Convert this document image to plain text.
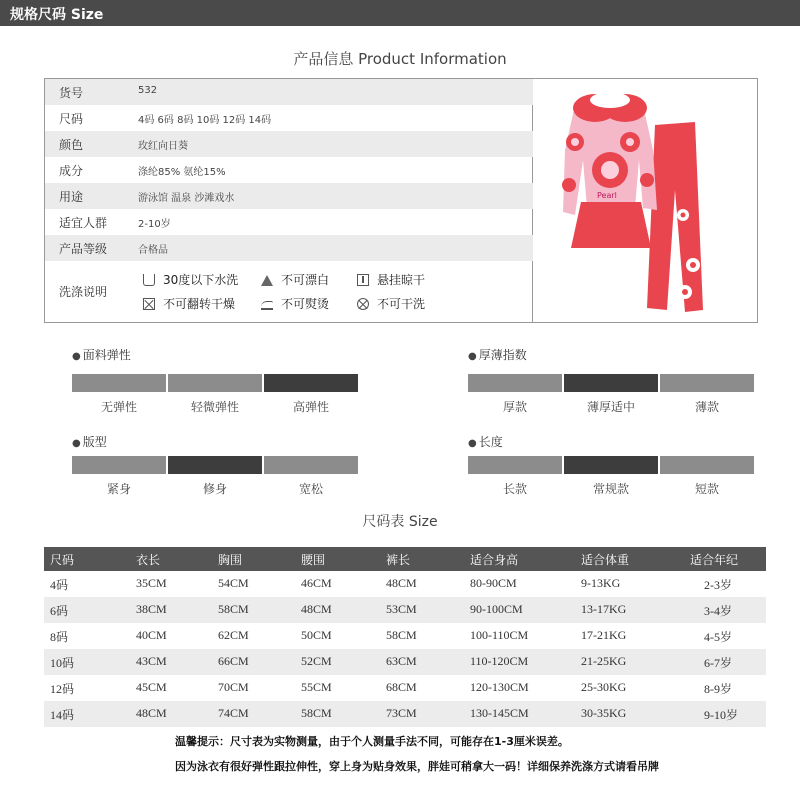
规格尺码 Size
产品信息 Product Information
货号	532
尺码	4码 6码 8码 10码 12码 14码
颜色	玫红向日葵
成分	涤纶85% 氨纶15%
用途	游泳馆 温泉 沙滩戏水
适宜人群	2-10岁
产品等级	合格品
洗涤说明
30度以下水洗	不可漂白	悬挂晾干
不可翻转干燥	不可熨烫	不可干洗
Pearl
● 面料弹性
无弹性	轻微弹性	高弹性
● 厚薄指数
厚款	薄厚适中	薄款
● 版型
紧身	修身	宽松
● 长度
长款	常规款	短款
尺码表 Size
尺码	衣长	胸围	腰围	裤长	适合身高	适合体重	适合年纪
4码	35CM	54CM	46CM	48CM	80-90CM	9-13KG	2-3岁
6码	38CM	58CM	48CM	53CM	90-100CM	13-17KG	3-4岁
8码	40CM	62CM	50CM	58CM	100-110CM	17-21KG	4-5岁
10码	43CM	66CM	52CM	63CM	110-120CM	21-25KG	6-7岁
12码	45CM	70CM	55CM	68CM	120-130CM	25-30KG	8-9岁
14码	48CM	74CM	58CM	73CM	130-145CM	30-35KG	9-10岁
温馨提示：尺寸表为实物测量，由于个人测量手法不同，可能存在1-3厘米误差。
因为泳衣有很好弹性跟拉伸性，穿上身为贴身效果，胖娃可稍拿大一码！详细保养洗涤方式请看吊牌
